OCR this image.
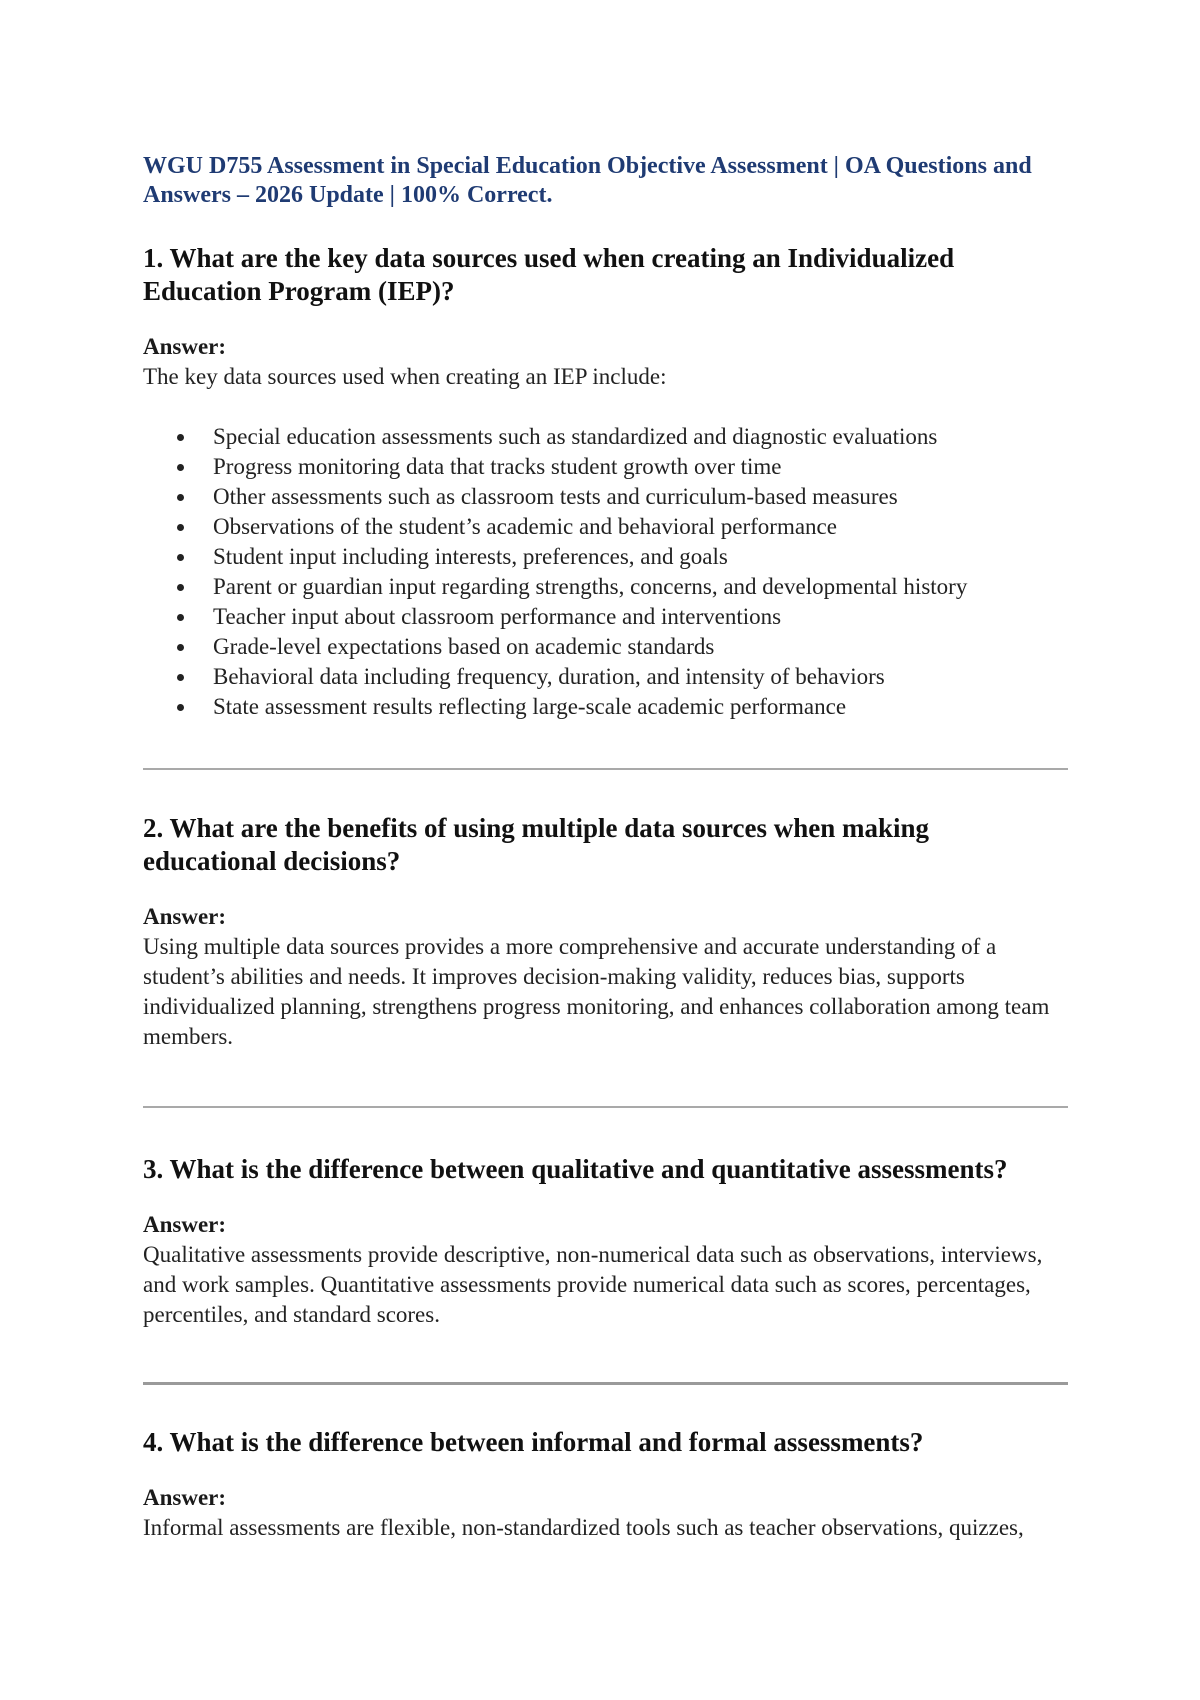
WGU D755 Assessment in Special Education Objective Assessment | OA Questions and Answers – 2026 Update | 100% Correct.

1. What are the key data sources used when creating an Individualized Education Program (IEP)?

Answer:

The key data sources used when creating an IEP include:

Special education assessments such as standardized and diagnostic evaluations
Progress monitoring data that tracks student growth over time
Other assessments such as classroom tests and curriculum-based measures
Observations of the student’s academic and behavioral performance
Student input including interests, preferences, and goals
Parent or guardian input regarding strengths, concerns, and developmental history
Teacher input about classroom performance and interventions
Grade-level expectations based on academic standards
Behavioral data including frequency, duration, and intensity of behaviors
State assessment results reflecting large-scale academic performance
2. What are the benefits of using multiple data sources when making educational decisions?

Answer:

Using multiple data sources provides a more comprehensive and accurate understanding of a student’s abilities and needs. It improves decision-making validity, reduces bias, supports individualized planning, strengthens progress monitoring, and enhances collaboration among team members.

3. What is the difference between qualitative and quantitative assessments?

Answer:

Qualitative assessments provide descriptive, non-numerical data such as observations, interviews, and work samples. Quantitative assessments provide numerical data such as scores, percentages, percentiles, and standard scores.

4. What is the difference between informal and formal assessments?

Answer:

Informal assessments are flexible, non-standardized tools such as teacher observations, quizzes,
